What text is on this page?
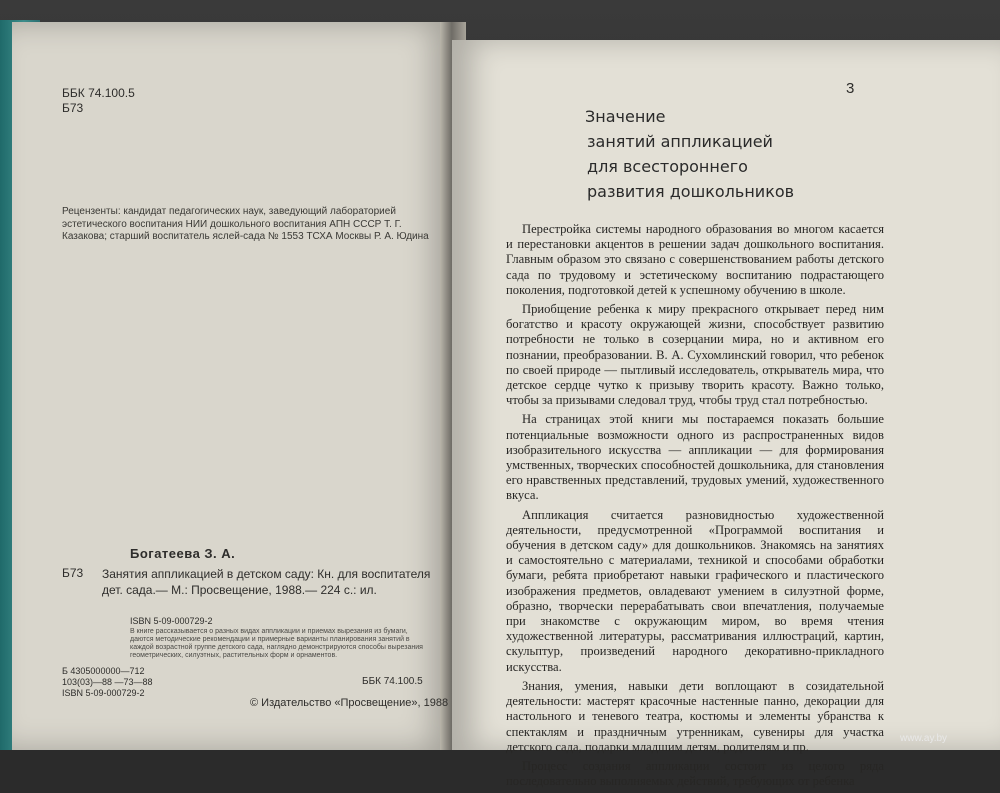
ББК 74.100.5
Б73
Рецензенты: кандидат педагогических наук, заведующий лабораторией эстетического воспитания НИИ дошкольного воспитания АПН СССР Т. Г. Казакова; старший воспитатель яслей-сада № 1553 ТСХА Москвы Р. А. Юдина
Богатеева З. А.
Б73 Занятия аппликацией в детском саду: Кн. для воспитателя дет. сада.— М.: Просвещение, 1988.— 224 с.: ил.
ISBN 5-09-000729-2
В книге рассказывается о разных видах аппликации и приемах вырезания из бумаги, даются методические рекомендации и примерные варианты планирования занятий в каждой возрастной группе детского сада, наглядно демонстрируются способы вырезания геометрических, силуэтных, растительных форм и орнаментов.
Б 4305000000—712
103(03)—88 —73—88
ISBN 5-09-000729-2
ББК 74.100.5
© Издательство «Просвещение», 1988
3
Значение
занятий аппликацией
для всестороннего
развития дошкольников

Перестройка системы народного образования во многом касается и перестановки акцентов в решении задач дошкольного воспитания. Главным образом это связано с совершенствованием работы детского сада по трудовому и эстетическому воспитанию подрастающего поколения, подготовкой детей к успешному обучению в школе.

Приобщение ребенка к миру прекрасного открывает перед ним богатство и красоту окружающей жизни, способствует развитию потребности не только в созерцании мира, но и активном его познании, преобразовании. В. А. Сухомлинский говорил, что ребенок по своей природе — пытливый исследователь, открыватель мира, что детское сердце чутко к призыву творить красоту. Важно только, чтобы за призывами следовал труд, чтобы труд стал потребностью.

На страницах этой книги мы постараемся показать большие потенциальные возможности одного из распространенных видов изобразительного искусства — аппликации — для формирования умственных, творческих способностей дошкольника, для становления его нравственных представлений, трудовых умений, художественного вкуса.

Аппликация считается разновидностью художественной деятельности, предусмотренной «Программой воспитания и обучения в детском саду» для дошкольников. Знакомясь на занятиях и самостоятельно с материалами, техникой и способами обработки бумаги, ребята приобретают навыки графического и пластического изображения предметов, овладевают умением в силуэтной форме, образно, творчески перерабатывать свои впечатления, получаемые при знакомстве с окружающим миром, во время чтения художественной литературы, рассматривания иллюстраций, картин, скульптур, произведений народного декоративно-прикладного искусства.

Знания, умения, навыки дети воплощают в созидательной деятельности: мастерят красочные настенные панно, декорации для настольного и теневого театра, костюмы и элементы убранства к спектаклям и праздничным утренникам, сувениры для участка детского сада, подарки младшим детям, родителям и пр.

Процесс создания аппликации состоит из целого ряда последовательно выполняемых действий, требующих от ребенка

www.ay.by
